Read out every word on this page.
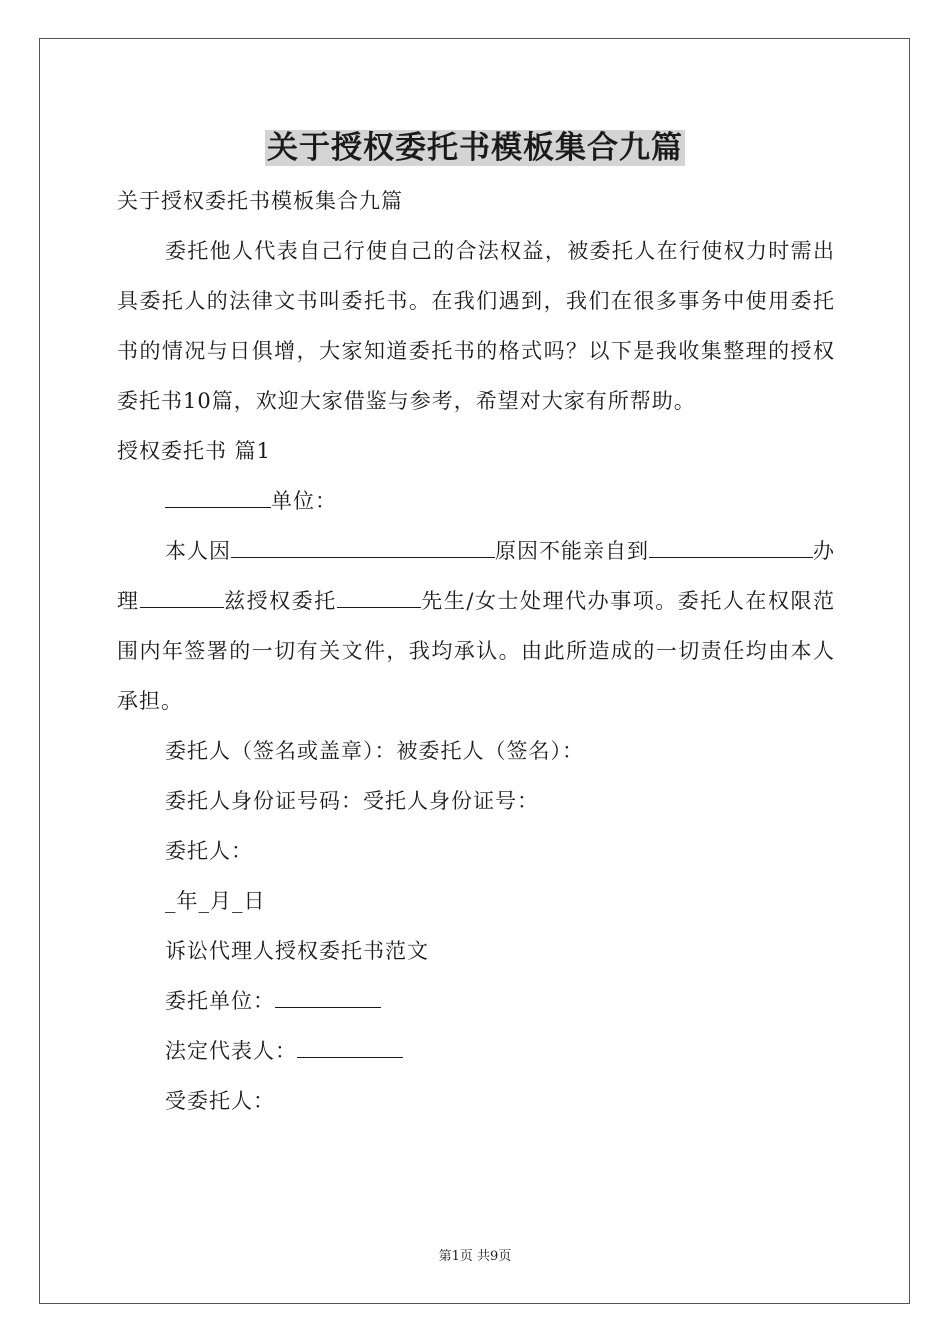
关于授权委托书模板集合九篇

关于授权委托书模板集合九篇

委托他人代表自己行使自己的合法权益，被委托人在行使权力时需出具委托人的法律文书叫委托书。在我们遇到，我们在很多事务中使用委托书的情况与日俱增，大家知道委托书的格式吗？以下是我收集整理的授权委托书10篇，欢迎大家借鉴与参考，希望对大家有所帮助。

授权委托书 篇1

单位：

本人因	原因不能亲自到	办理	兹授权委托	先生/女士处理代办事项。委托人在权限范围内年签署的一切有关文件，我均承认。由此所造成的一切责任均由本人承担。

委托人（签名或盖章）：被委托人（签名）：

委托人身份证号码：受托人身份证号：

委托人：

_年_月_日

诉讼代理人授权委托书范文

委托单位：

法定代表人：

受委托人：

第1页 共9页
